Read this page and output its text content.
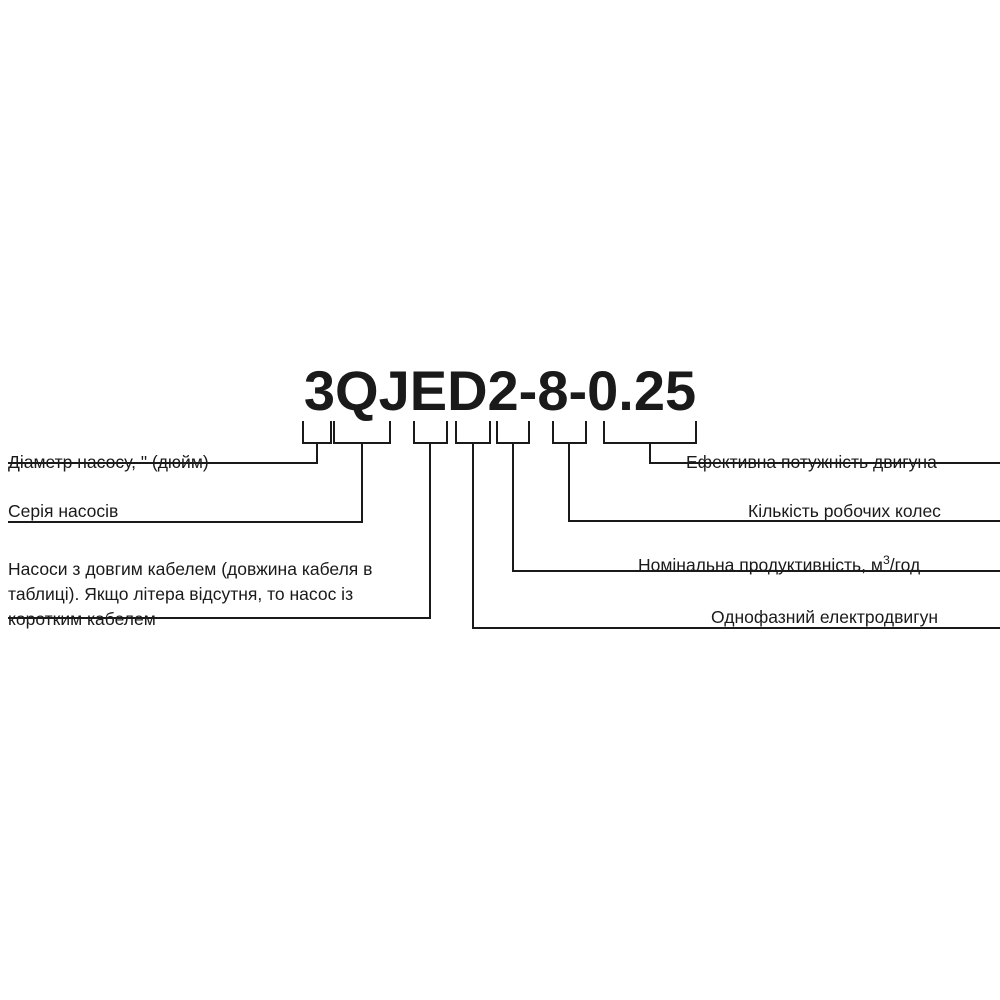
3QJED2-8-0.25
Діаметр насосу, " (дюйм)
Серія насосів
Насоси з довгим кабелем (довжина кабеля в таблиці). Якщо літера відсутня, то насос із коротким кабелем
Ефективна потужність двигуна
Кількість робочих колес
Номінальна продуктивність, $м^3$/год
Однофазний електродвигун
